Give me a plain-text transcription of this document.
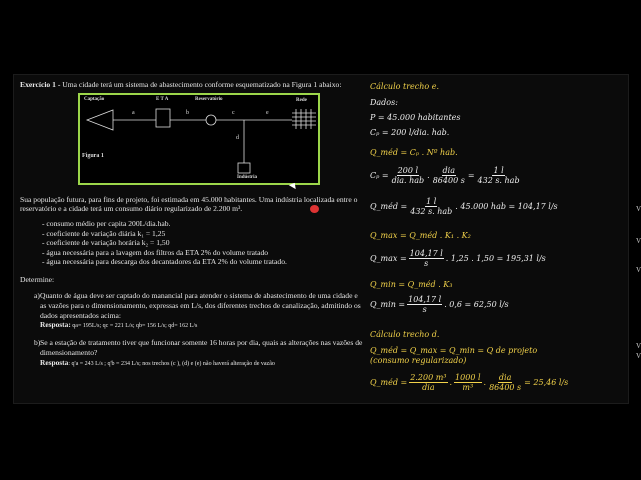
Exercício 1 - Uma cidade terá um sistema de abastecimento conforme esquematizado na Figura 1 abaixo:
Captação	E T A	Reservatório	Rede
Indústria
a	b	c	e
d
Figura 1
Sua população futura, para fins de projeto, foi estimada em 45.000 habitantes. Uma indústria localizada entre o reservatório e a cidade terá um consumo diário regularizado de 2.200 m³.
- consumo médio per capita 200L/dia.hab.
- coeficiente de variação diária k₁ = 1,25
- coeficiente de variação horária k₂ = 1,50
- água necessária para a lavagem dos filtros da ETA 2% do volume tratado
- água necessária para descarga dos decantadores da ETA 2% do volume tratado.
Determine:
a) Quanto de água deve ser captado do manancial para atender o sistema de abastecimento de uma cidade e as vazões para o dimensionamento, expressas em L/s, dos diferentes trechos de canalização, admitindo os dados apresentados acima:
Resposta: qa= 195L/s; qc = 221 L/s; qb= 156 L/s; qd= 162 L/s
b) Se a estação de tratamento tiver que funcionar somente 16 horas por dia, quais as alterações nas vazões de dimensionamento?
Resposta: q'a = 243 L/s ; q'b = 234 L/s; nos trechos (c ), (d) e (e) não haverá alteração de vazão
Cálculo trecho e.
Dados:
P = 45.000 habitantes
Cₚ = 200 l/dia. hab.
Q_méd = Cₚ . Nº hab.
$C_p = \frac{200 l}{\text{dia. hab}}$ . $\frac{\text{dia}}{86400 s} = \frac{1 l}{\text{432 s. hab}}$
Q_méd = $\frac{1 l}{\text{432 s. hab}}$ . 45.000 hab = 104,17 l/s
Q_max = Q_méd . K₁ . K₂
Q_max = $\frac{104,17 l}{s}$ . 1,25 . 1,50 = 195,31 l/s
Q_min = Q_méd . K₃
Q_min = $\frac{104,17 l}{s}$ . 0,6 = 62,50 l/s
Cálculo trecho d.
Q_méd = Q_max = Q_min = Q de projeto
(consumo regularizado)
Q_méd = $\frac{\text{2.200 m³}}{\text{dia}}$ . $\frac{1000 l}{\text{m³}}$ . $\frac{\text{dia}}{86400 s} = 25,46$ l/s
V
V
V
V
V
